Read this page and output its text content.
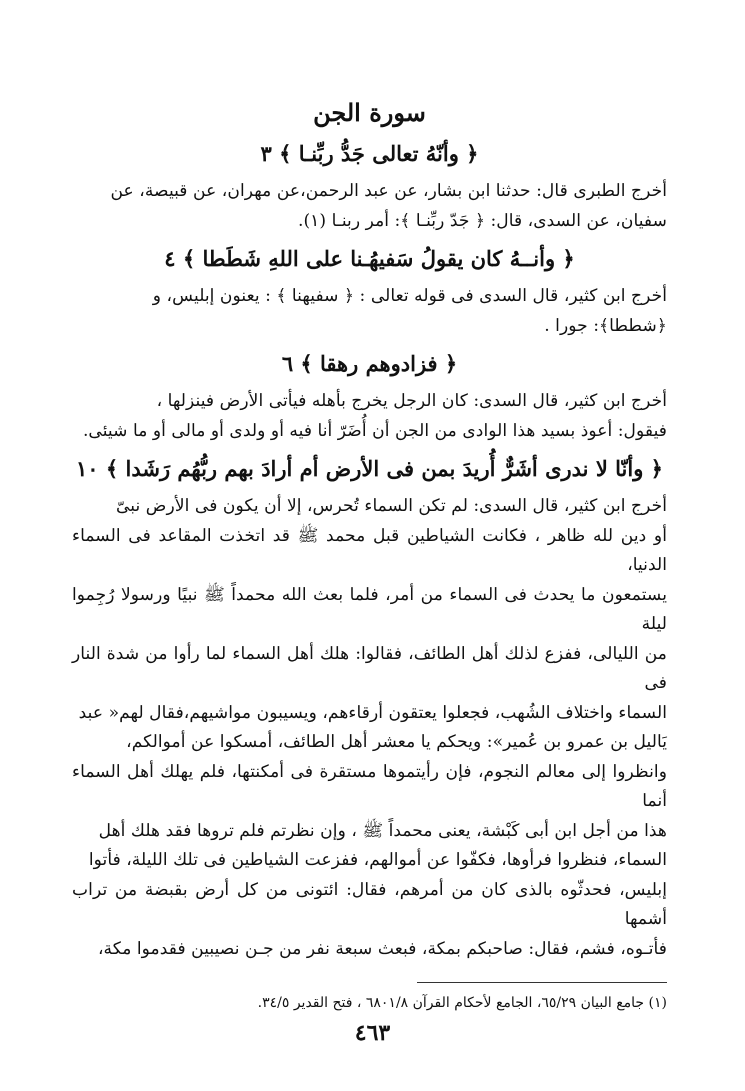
سورة الجن
﴿ وأنّهُ تعالى جَدُّ ربِّنـا ﴾ ٣
أخرج الطبرى قال: حدثنا ابن بشار، عن عبد الرحمن،عن مهران، عن قبيصة، عن
سفيان، عن السدى، قال: ﴿ جَدّ ربِّنـا ﴾: أمر ربنـا (١).
﴿ وأنــهُ كان يقولُ سَفيهُـنا على اللهِ شَطَطا ﴾ ٤
أخرج ابن كثير، قال السدى فى قوله تعالى : ﴿ سفيهنا ﴾ : يعنون إبليس، و
﴿شططا﴾: جورا .
﴿ فزادوهم رهقا ﴾ ٦
أخرج ابن كثير، قال السدى: كان الرجل يخرج بأهله فيأتى الأرض فينزلها ،
فيقول: أعوذ بسيد هذا الوادى من الجن أن أُضَرّ أنا فيه أو ولدى أو مالى أو ما شيئى.
﴿ وأنّا لا ندرى أشَرٌّ أُريدَ بمن فى الأرض أم أرادَ بهم ربُّهُم رَشَدا ﴾ ١٠
أخرج ابن كثير، قال السدى: لم تكن السماء تُحرس، إلا أن يكون فى الأرض نبىّ
أو دين لله ظاهر ، فكانت الشياطين قبل محمد ﷺ قد اتخذت المقاعد فى السماء الدنيا،
يستمعون ما يحدث فى السماء من أمر، فلما بعث الله محمداً ﷺ نبيًا ورسولا رُجِموا ليلة
من الليالى، ففزع لذلك أهل الطائف، فقالوا: هلك أهل السماء لما رأوا من شدة النار فى
السماء واختلاف الشُهب، فجعلوا يعتقون أرقاءهم، ويسيبون مواشيهم،فقال لهم« عبد
يَاليل بن عمرو بن عُمير»: ويحكم يا معشر أهل الطائف، أمسكوا عن أموالكم،
وانظروا إلى معالم النجوم، فإن رأيتموها مستقرة فى أمكنتها، فلم يهلك أهل السماء أنما
هذا من أجل ابن أبى كَبْشة، يعنى محمداً ﷺ ، وإن نظرتم فلم تروها فقد هلك أهل
السماء، فنظروا فرأوها، فكفّوا عن أموالهم، ففزعت الشياطين فى تلك الليلة، فأتوا
إبليس، فحدثّوه بالذى كان من أمرهم، فقال: ائتونى من كل أرض بقبضة من تراب أشمها
فأتـوه، فشم، فقال: صاحبكم بمكة، فبعث سبعة نفر من جـن نصيبين فقدموا مكة،
(١) جامع البيان ٦٥/٢٩، الجامع لأحكام القرآن ٦٨٠١/٨ ، فتح القدير ٣٤/٥.
٤٦٣
